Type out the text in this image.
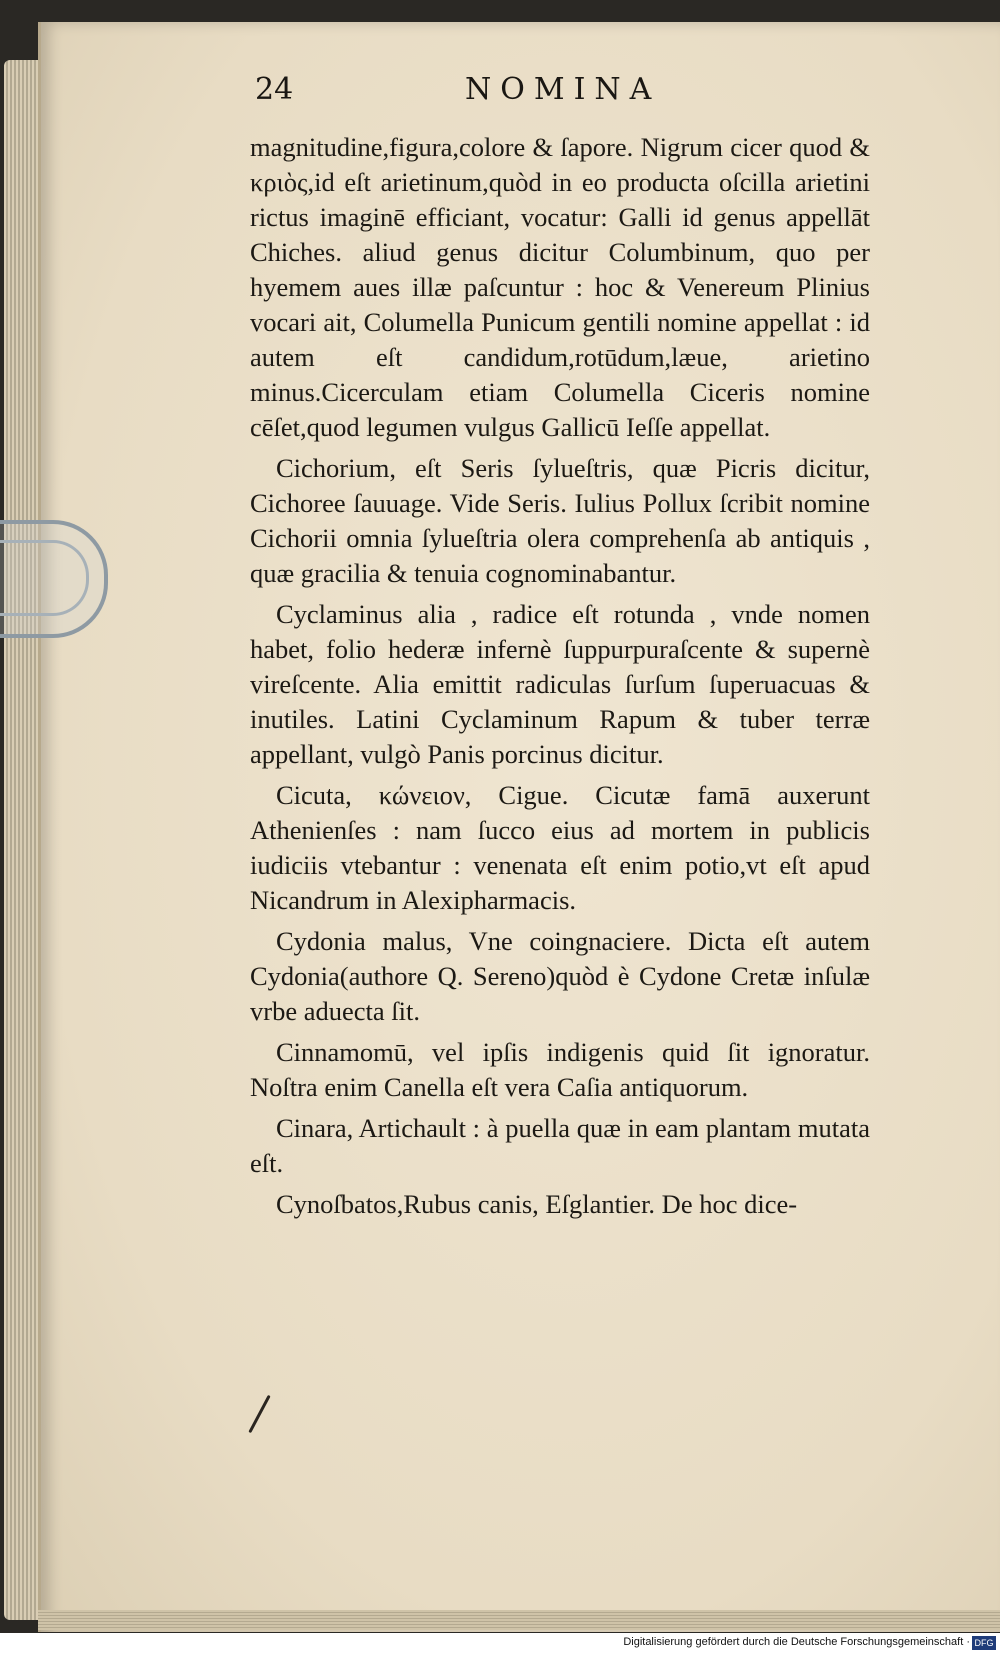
24	NOMINA

magnitudine,figura,colore & ſapore. Nigrum cicer quod & κριὸς,id eſt arietinum,quòd in eo producta oſcilla arietini rictus imaginē efficiant, vocatur: Galli id genus appellāt Chiches. aliud genus dicitur Columbinum, quo per hyemem aues illæ paſcuntur : hoc & Venereum Plinius vocari ait, Columella Punicum gentili nomine appellat : id autem eſt candidum,rotūdum,læue, arietino minus.Cicerculam etiam Columella Ciceris nomine cēſet,quod legumen vulgus Gallicū Ieſſe appellat.

Cichorium, eſt Seris ſylueſtris, quæ Picris dicitur, Cichoree ſauuage. Vide Seris. Iulius Pollux ſcribit nomine Cichorii omnia ſylueſtria olera comprehenſa ab antiquis , quæ gracilia & tenuia cognominabantur.

Cyclaminus alia , radice eſt rotunda , vnde nomen habet, folio hederæ infernè ſuppurpuraſcente & supernè vireſcente. Alia emittit radiculas ſurſum ſuperuacuas & inutiles. Latini Cyclaminum Rapum & tuber terræ appellant, vulgò Panis porcinus dicitur.

Cicuta, κώνειον, Cigue. Cicutæ famā auxerunt Athenienſes : nam ſucco eius ad mortem in publicis iudiciis vtebantur : venenata eſt enim potio,vt eſt apud Nicandrum in Alexipharmacis.

Cydonia malus, Vne coingnaciere. Dicta eſt autem Cydonia(authore Q. Sereno)quòd è Cydone Cretæ inſulæ vrbe aduecta ſit.

Cinnamomū, vel ipſis indigenis quid ſit ignoratur. Noſtra enim Canella eſt vera Caſia antiquorum.

Cinara, Artichault : à puella quæ in eam plantam mutata eſt.

Cynoſbatos,Rubus canis, Eſglantier. De hoc dice-

Digitalisierung gefördert durch die Deutsche Forschungsgemeinschaft · DFG
